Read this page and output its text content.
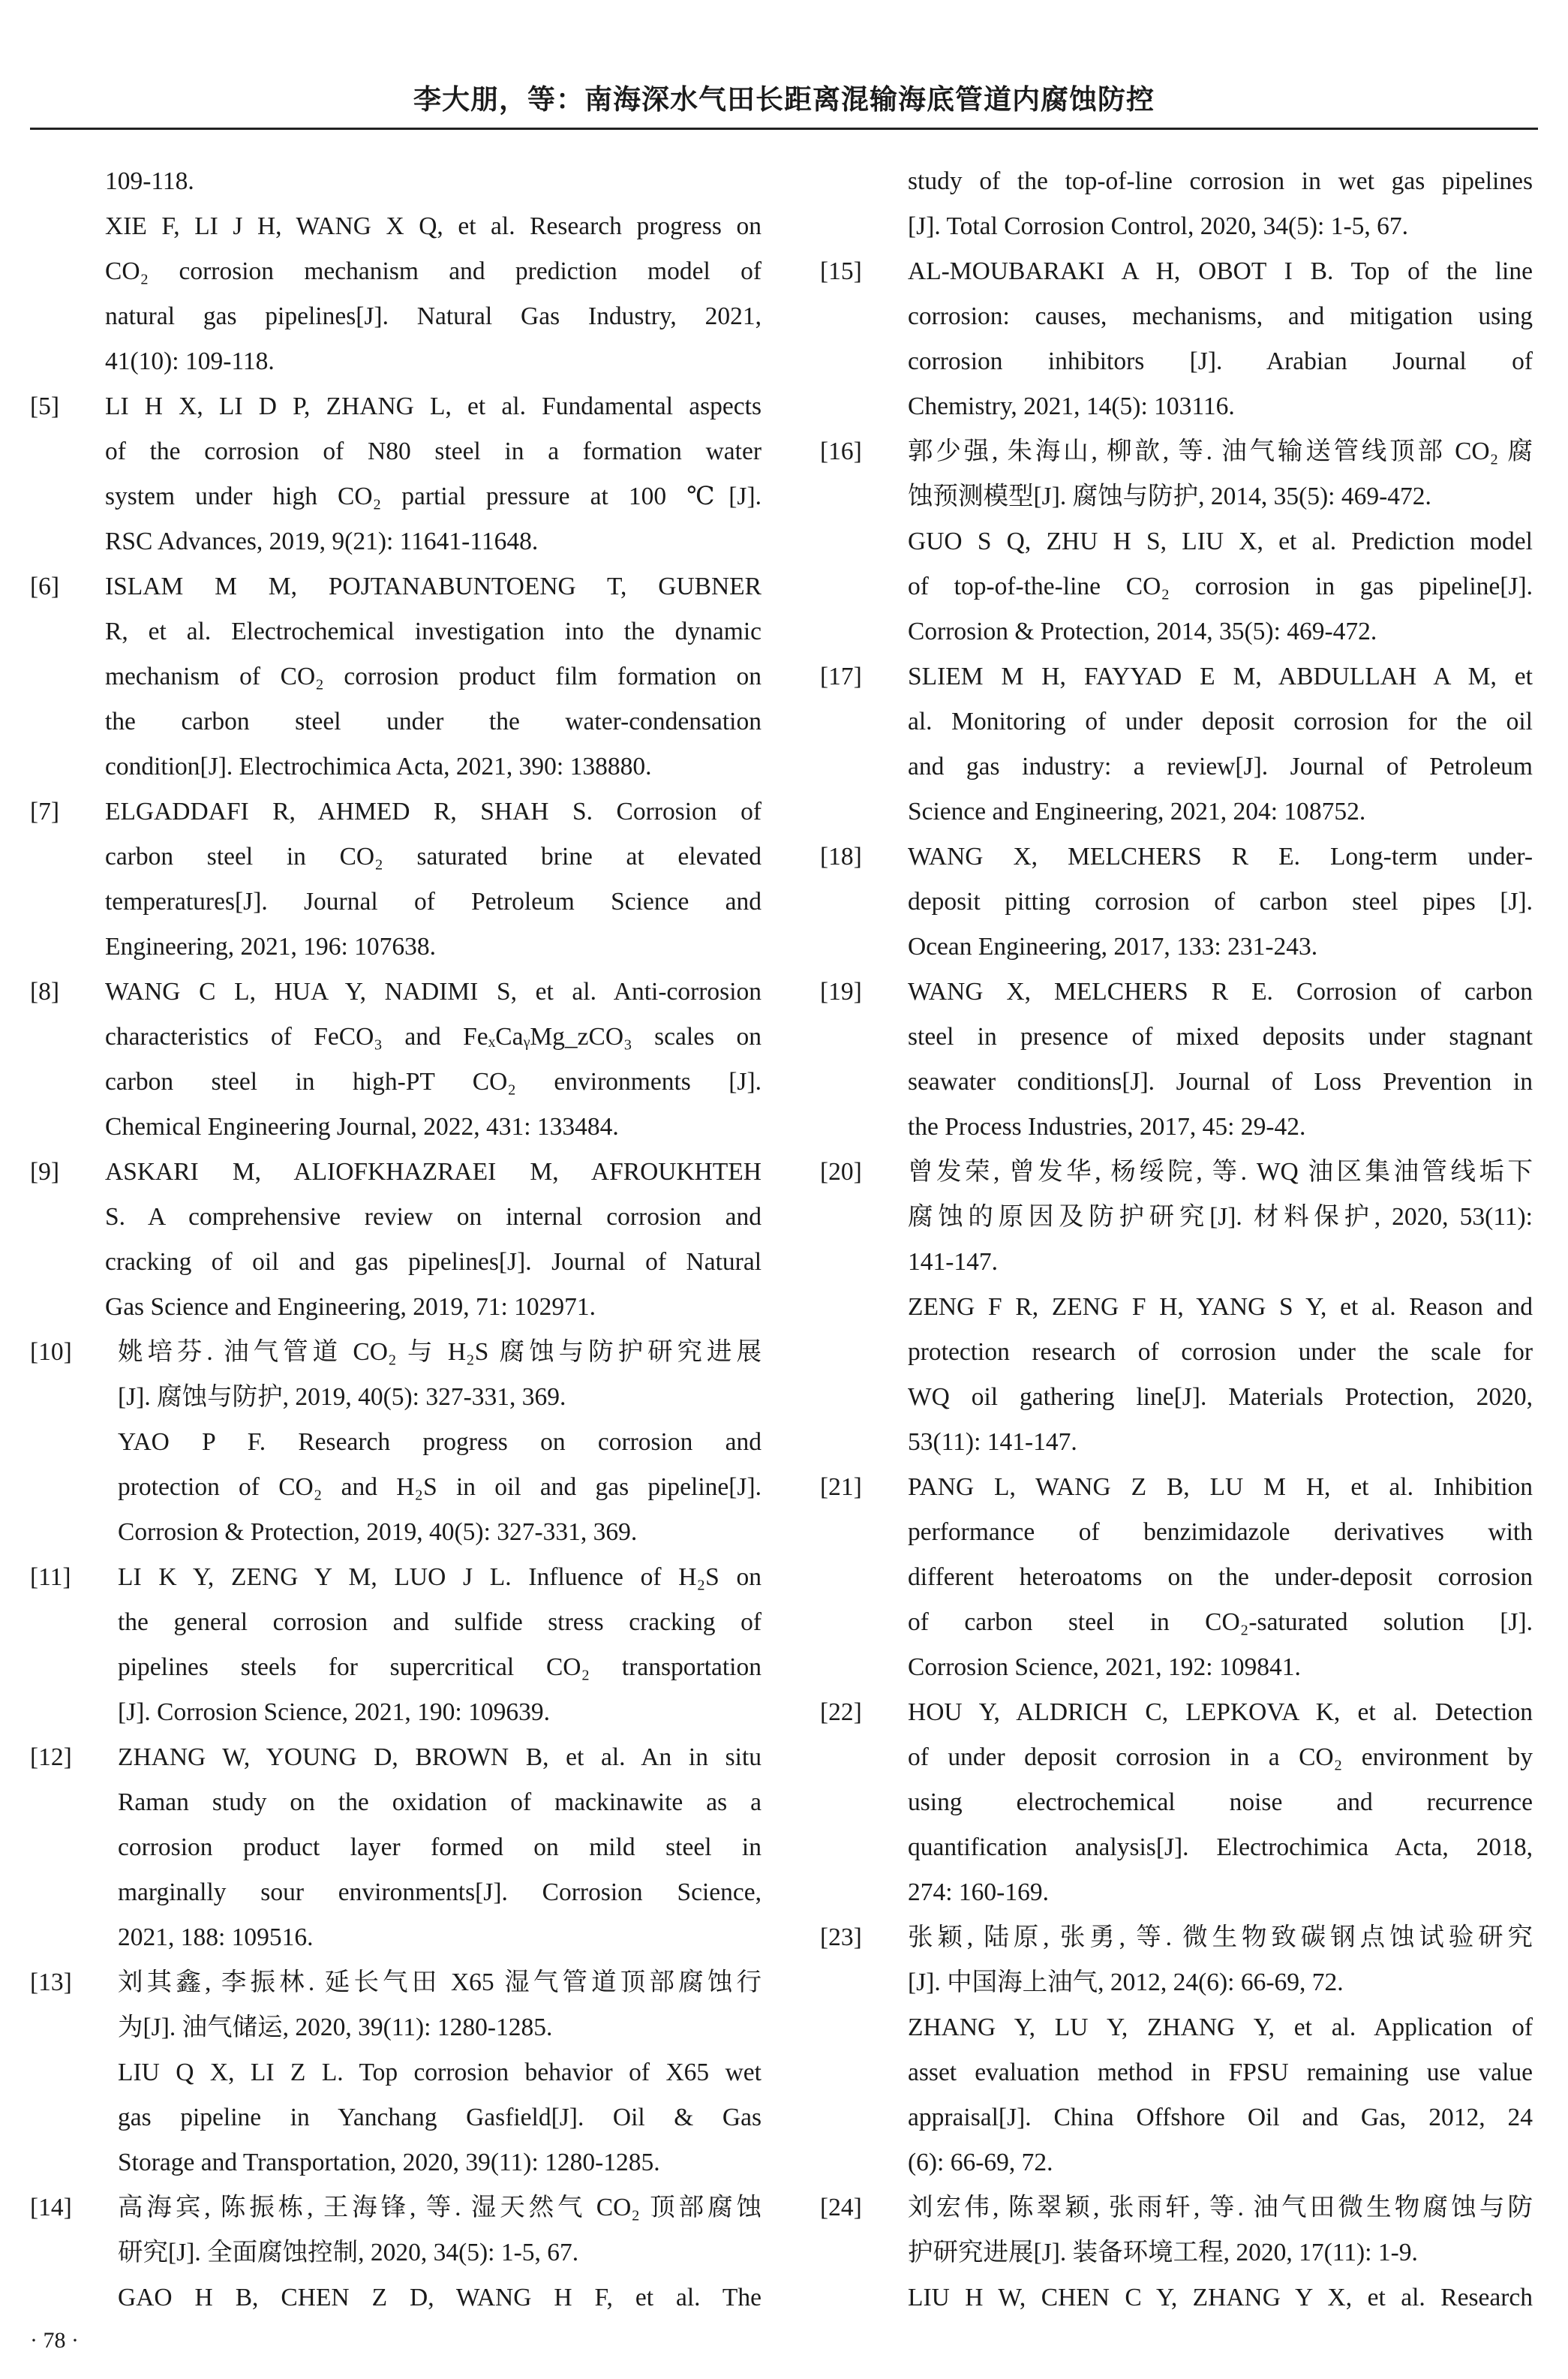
李大朋，等：南海深水气田长距离混输海底管道内腐蚀防控
109-118.
XIE F, LI J H, WANG X Q, et al. Research progress on
CO₂ corrosion mechanism and prediction model of
natural gas pipelines[J]. Natural Gas Industry, 2021,
41(10): 109-118.
[5]	LI H X, LI D P, ZHANG L, et al. Fundamental aspects
of the corrosion of N80 steel in a formation water
system under high CO₂ partial pressure at 100 ℃[J].
RSC Advances, 2019, 9(21): 11641-11648.
[6]	ISLAM M M, POJTANABUNTOENG T, GUBNER
R, et al. Electrochemical investigation into the dynamic
mechanism of CO₂ corrosion product film formation on
the carbon steel under the water-condensation
condition[J]. Electrochimica Acta, 2021, 390: 138880.
[7]	ELGADDAFI R, AHMED R, SHAH S. Corrosion of
carbon steel in CO₂ saturated brine at elevated
temperatures[J]. Journal of Petroleum Science and
Engineering, 2021, 196: 107638.
[8]	WANG C L, HUA Y, NADIMI S, et al. Anti-corrosion
characteristics of FeCO₃ and FeₓCaᵧMg_zCO₃ scales on
carbon steel in high-PT CO₂ environments [J].
Chemical Engineering Journal, 2022, 431: 133484.
[9]	ASKARI M, ALIOFKHAZRAEI M, AFROUKHTEH
S. A comprehensive review on internal corrosion and
cracking of oil and gas pipelines[J]. Journal of Natural
Gas Science and Engineering, 2019, 71: 102971.
[10]	姚培芬. 油气管道 CO₂ 与 H₂S 腐蚀与防护研究进展
[J]. 腐蚀与防护, 2019, 40(5): 327-331, 369.
YAO P F. Research progress on corrosion and
protection of CO₂ and H₂S in oil and gas pipeline[J].
Corrosion & Protection, 2019, 40(5): 327-331, 369.
[11]	LI K Y, ZENG Y M, LUO J L. Influence of H₂S on
the general corrosion and sulfide stress cracking of
pipelines steels for supercritical CO₂ transportation
[J]. Corrosion Science, 2021, 190: 109639.
[12]	ZHANG W, YOUNG D, BROWN B, et al. An in situ
Raman study on the oxidation of mackinawite as a
corrosion product layer formed on mild steel in
marginally sour environments[J]. Corrosion Science,
2021, 188: 109516.
[13]	刘其鑫, 李振林. 延长气田 X65 湿气管道顶部腐蚀行
为[J]. 油气储运, 2020, 39(11): 1280-1285.
LIU Q X, LI Z L. Top corrosion behavior of X65 wet
gas pipeline in Yanchang Gasfield[J]. Oil & Gas
Storage and Transportation, 2020, 39(11): 1280-1285.
[14]	高海宾, 陈振栋, 王海锋, 等. 湿天然气 CO₂ 顶部腐蚀
研究[J]. 全面腐蚀控制, 2020, 34(5): 1-5, 67.
GAO H B, CHEN Z D, WANG H F, et al. The
study of the top-of-line corrosion in wet gas pipelines
[J]. Total Corrosion Control, 2020, 34(5): 1-5, 67.
[15]	AL-MOUBARAKI A H, OBOT I B. Top of the line
corrosion: causes, mechanisms, and mitigation using
corrosion inhibitors [J]. Arabian Journal of
Chemistry, 2021, 14(5): 103116.
[16]	郭少强, 朱海山, 柳歆, 等. 油气输送管线顶部 CO₂ 腐
蚀预测模型[J]. 腐蚀与防护, 2014, 35(5): 469-472.
GUO S Q, ZHU H S, LIU X, et al. Prediction model
of top-of-the-line CO₂ corrosion in gas pipeline[J].
Corrosion & Protection, 2014, 35(5): 469-472.
[17]	SLIEM M H, FAYYAD E M, ABDULLAH A M, et
al. Monitoring of under deposit corrosion for the oil
and gas industry: a review[J]. Journal of Petroleum
Science and Engineering, 2021, 204: 108752.
[18]	WANG X, MELCHERS R E. Long-term under-
deposit pitting corrosion of carbon steel pipes [J].
Ocean Engineering, 2017, 133: 231-243.
[19]	WANG X, MELCHERS R E. Corrosion of carbon
steel in presence of mixed deposits under stagnant
seawater conditions[J]. Journal of Loss Prevention in
the Process Industries, 2017, 45: 29-42.
[20]	曾发荣, 曾发华, 杨绥院, 等. WQ 油区集油管线垢下
腐蚀的原因及防护研究[J]. 材料保护, 2020, 53(11):
141-147.
ZENG F R, ZENG F H, YANG S Y, et al. Reason and
protection research of corrosion under the scale for
WQ oil gathering line[J]. Materials Protection, 2020,
53(11): 141-147.
[21]	PANG L, WANG Z B, LU M H, et al. Inhibition
performance of benzimidazole derivatives with
different heteroatoms on the under-deposit corrosion
of carbon steel in CO₂-saturated solution [J].
Corrosion Science, 2021, 192: 109841.
[22]	HOU Y, ALDRICH C, LEPKOVA K, et al. Detection
of under deposit corrosion in a CO₂ environment by
using electrochemical noise and recurrence
quantification analysis[J]. Electrochimica Acta, 2018,
274: 160-169.
[23]	张颖, 陆原, 张勇, 等. 微生物致碳钢点蚀试验研究
[J]. 中国海上油气, 2012, 24(6): 66-69, 72.
ZHANG Y, LU Y, ZHANG Y, et al. Application of
asset evaluation method in FPSU remaining use value
appraisal[J]. China Offshore Oil and Gas, 2012, 24
(6): 66-69, 72.
[24]	刘宏伟, 陈翠颖, 张雨轩, 等. 油气田微生物腐蚀与防
护研究进展[J]. 装备环境工程, 2020, 17(11): 1-9.
LIU H W, CHEN C Y, ZHANG Y X, et al. Research
· 78 ·
